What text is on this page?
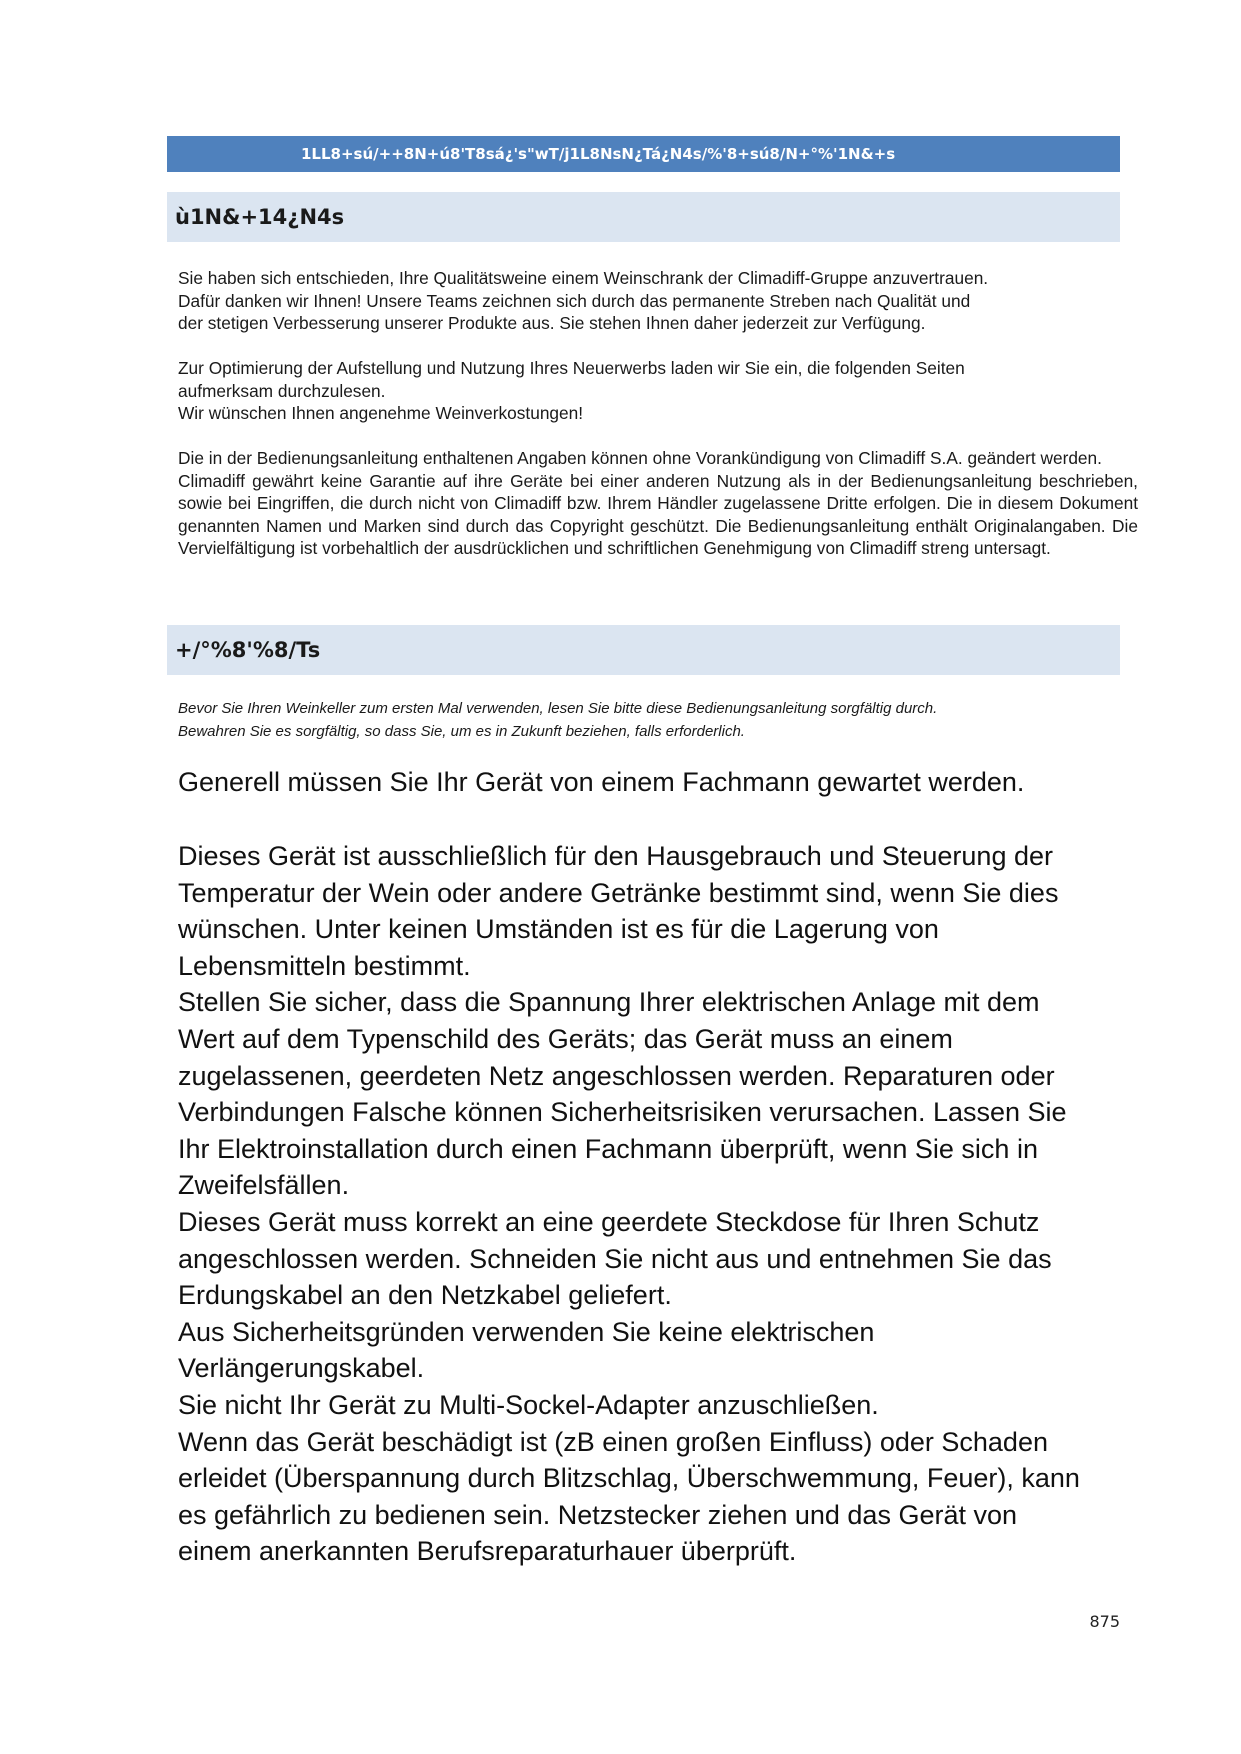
1LL8+sú/++8N+ú8'T8sá¿'s"wT/j1L8NsN¿Tá¿N4s/%'8+sú8/N+°%'1N&+s
ù1N&+14¿N4s

Sie haben sich entschieden, Ihre Qualitätsweine einem Weinschrank der Climadiff-Gruppe anzuvertrauen.

Dafür danken wir Ihnen! Unsere Teams zeichnen sich durch das permanente Streben nach Qualität und

der stetigen Verbesserung unserer Produkte aus. Sie stehen Ihnen daher jederzeit zur Verfügung.

Zur Optimierung der Aufstellung und Nutzung Ihres Neuerwerbs laden wir Sie ein, die folgenden Seiten

aufmerksam durchzulesen.

Wir wünschen Ihnen angenehme Weinverkostungen!

Die in der Bedienungsanleitung enthaltenen Angaben können ohne Vorankündigung von Climadiff S.A. geändert werden.

Climadiff gewährt keine Garantie auf ihre Geräte bei einer anderen Nutzung als in der Bedienungsanleitung beschrieben, sowie bei Eingriffen, die durch nicht von Climadiff bzw. Ihrem Händler zugelassene Dritte erfolgen. Die in diesem Dokument genannten Namen und Marken sind durch das Copyright geschützt. Die Bedienungsanleitung enthält Originalangaben. Die Vervielfältigung ist vorbehaltlich der ausdrücklichen und schriftlichen Genehmigung von Climadiff streng untersagt.

+/°%8'%8/Ts

Bevor Sie Ihren Weinkeller zum ersten Mal verwenden, lesen Sie bitte diese Bedienungsanleitung sorgfältig durch.

Bewahren Sie es sorgfältig, so dass Sie, um es in Zukunft beziehen, falls erforderlich.

Generell müssen Sie Ihr Gerät von einem Fachmann gewartet werden.

Dieses Gerät ist ausschließlich für den Hausgebrauch und Steuerung der

Temperatur der Wein oder andere Getränke bestimmt sind, wenn Sie dies

wünschen. Unter keinen Umständen ist es für die Lagerung von

Lebensmitteln bestimmt.

Stellen Sie sicher, dass die Spannung Ihrer elektrischen Anlage mit dem

Wert auf dem Typenschild des Geräts; das Gerät muss an einem

zugelassenen, geerdeten Netz angeschlossen werden. Reparaturen oder

Verbindungen Falsche können Sicherheitsrisiken verursachen. Lassen Sie

Ihr Elektroinstallation durch einen Fachmann überprüft, wenn Sie sich in

Zweifelsfällen.

Dieses Gerät muss korrekt an eine geerdete Steckdose für Ihren Schutz

angeschlossen werden. Schneiden Sie nicht aus und entnehmen Sie das

Erdungskabel an den Netzkabel geliefert.

Aus Sicherheitsgründen verwenden Sie keine elektrischen

Verlängerungskabel.

Sie nicht Ihr Gerät zu Multi-Sockel-Adapter anzuschließen.

Wenn das Gerät beschädigt ist (zB einen großen Einfluss) oder Schaden

erleidet (Überspannung durch Blitzschlag, Überschwemmung, Feuer), kann

es gefährlich zu bedienen sein. Netzstecker ziehen und das Gerät von

einem anerkannten Berufsreparaturhauer überprüft.

875
